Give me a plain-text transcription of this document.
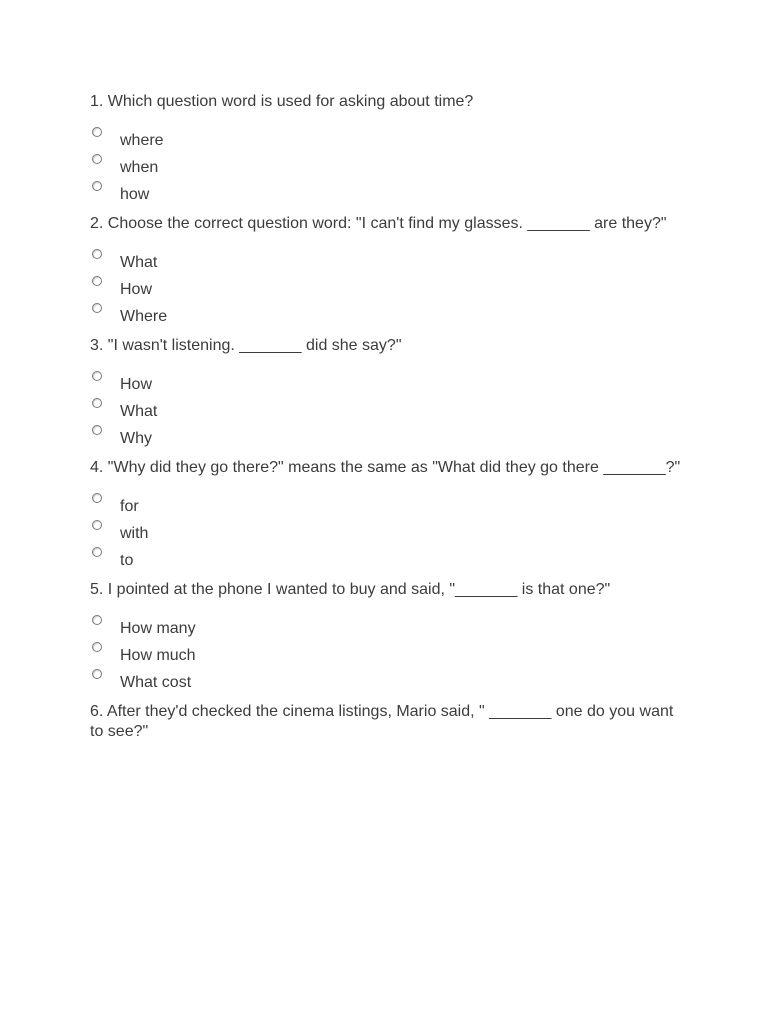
1. Which question word is used for asking about time?

where
when
how

2. Choose the correct question word: "I can't find my glasses. _______ are they?"

What
How
Where

3. "I wasn't listening. _______ did she say?"

How
What
Why

4. "Why did they go there?" means the same as "What did they go there _______?"

for
with
to

5. I pointed at the phone I wanted to buy and said, "_______ is that one?"

How many
How much
What cost

6. After they'd checked the cinema listings, Mario said, " _______ one do you want to see?"
